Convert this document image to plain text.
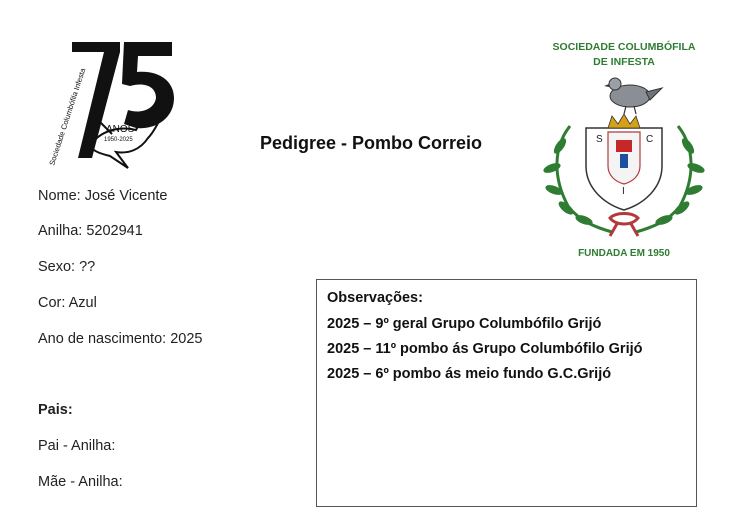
ANOS
1950-2025
Sociedade Columbófila Infesta
SOCIEDADE COLUMBÓFILA
DE INFESTA
S	C
I
FUNDADA EM 1950
Pedigree - Pombo Correio
Nome: José Vicente
Anilha: 5202941
Sexo: ??
Cor: Azul
Ano de nascimento: 2025
Pais:
Pai - Anilha:
Mãe - Anilha:
Observações:
2025 – 9º geral Grupo Columbófilo Grijó
2025 – 11º pombo ás Grupo Columbófilo Grijó
2025 – 6º pombo ás meio fundo G.C.Grijó
